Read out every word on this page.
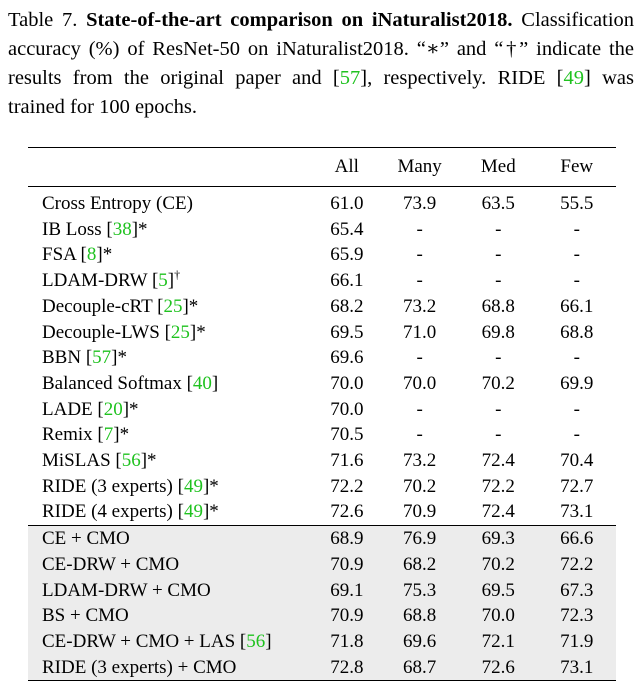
Table 7. State-of-the-art comparison on iNaturalist2018. Classification accuracy (%) of ResNet-50 on iNaturalist2018. “∗” and “†” indicate the results from the original paper and [57], respectively. RIDE [49] was trained for 100 epochs.
	All	Many	Med	Few
Cross Entropy (CE)	61.0	73.9	63.5	55.5
IB Loss [38]*	65.4	-	-	-
FSA [8]*	65.9	-	-	-
LDAM-DRW [5]†	66.1	-	-	-
Decouple-cRT [25]*	68.2	73.2	68.8	66.1
Decouple-LWS [25]*	69.5	71.0	69.8	68.8
BBN [57]*	69.6	-	-	-
Balanced Softmax [40]	70.0	70.0	70.2	69.9
LADE [20]*	70.0	-	-	-
Remix [7]*	70.5	-	-	-
MiSLAS [56]*	71.6	73.2	72.4	70.4
RIDE (3 experts) [49]*	72.2	70.2	72.2	72.7
RIDE (4 experts) [49]*	72.6	70.9	72.4	73.1
CE + CMO	68.9	76.9	69.3	66.6
CE-DRW + CMO	70.9	68.2	70.2	72.2
LDAM-DRW + CMO	69.1	75.3	69.5	67.3
BS + CMO	70.9	68.8	70.0	72.3
CE-DRW + CMO + LAS [56]	71.8	69.6	72.1	71.9
RIDE (3 experts) + CMO	72.8	68.7	72.6	73.1
